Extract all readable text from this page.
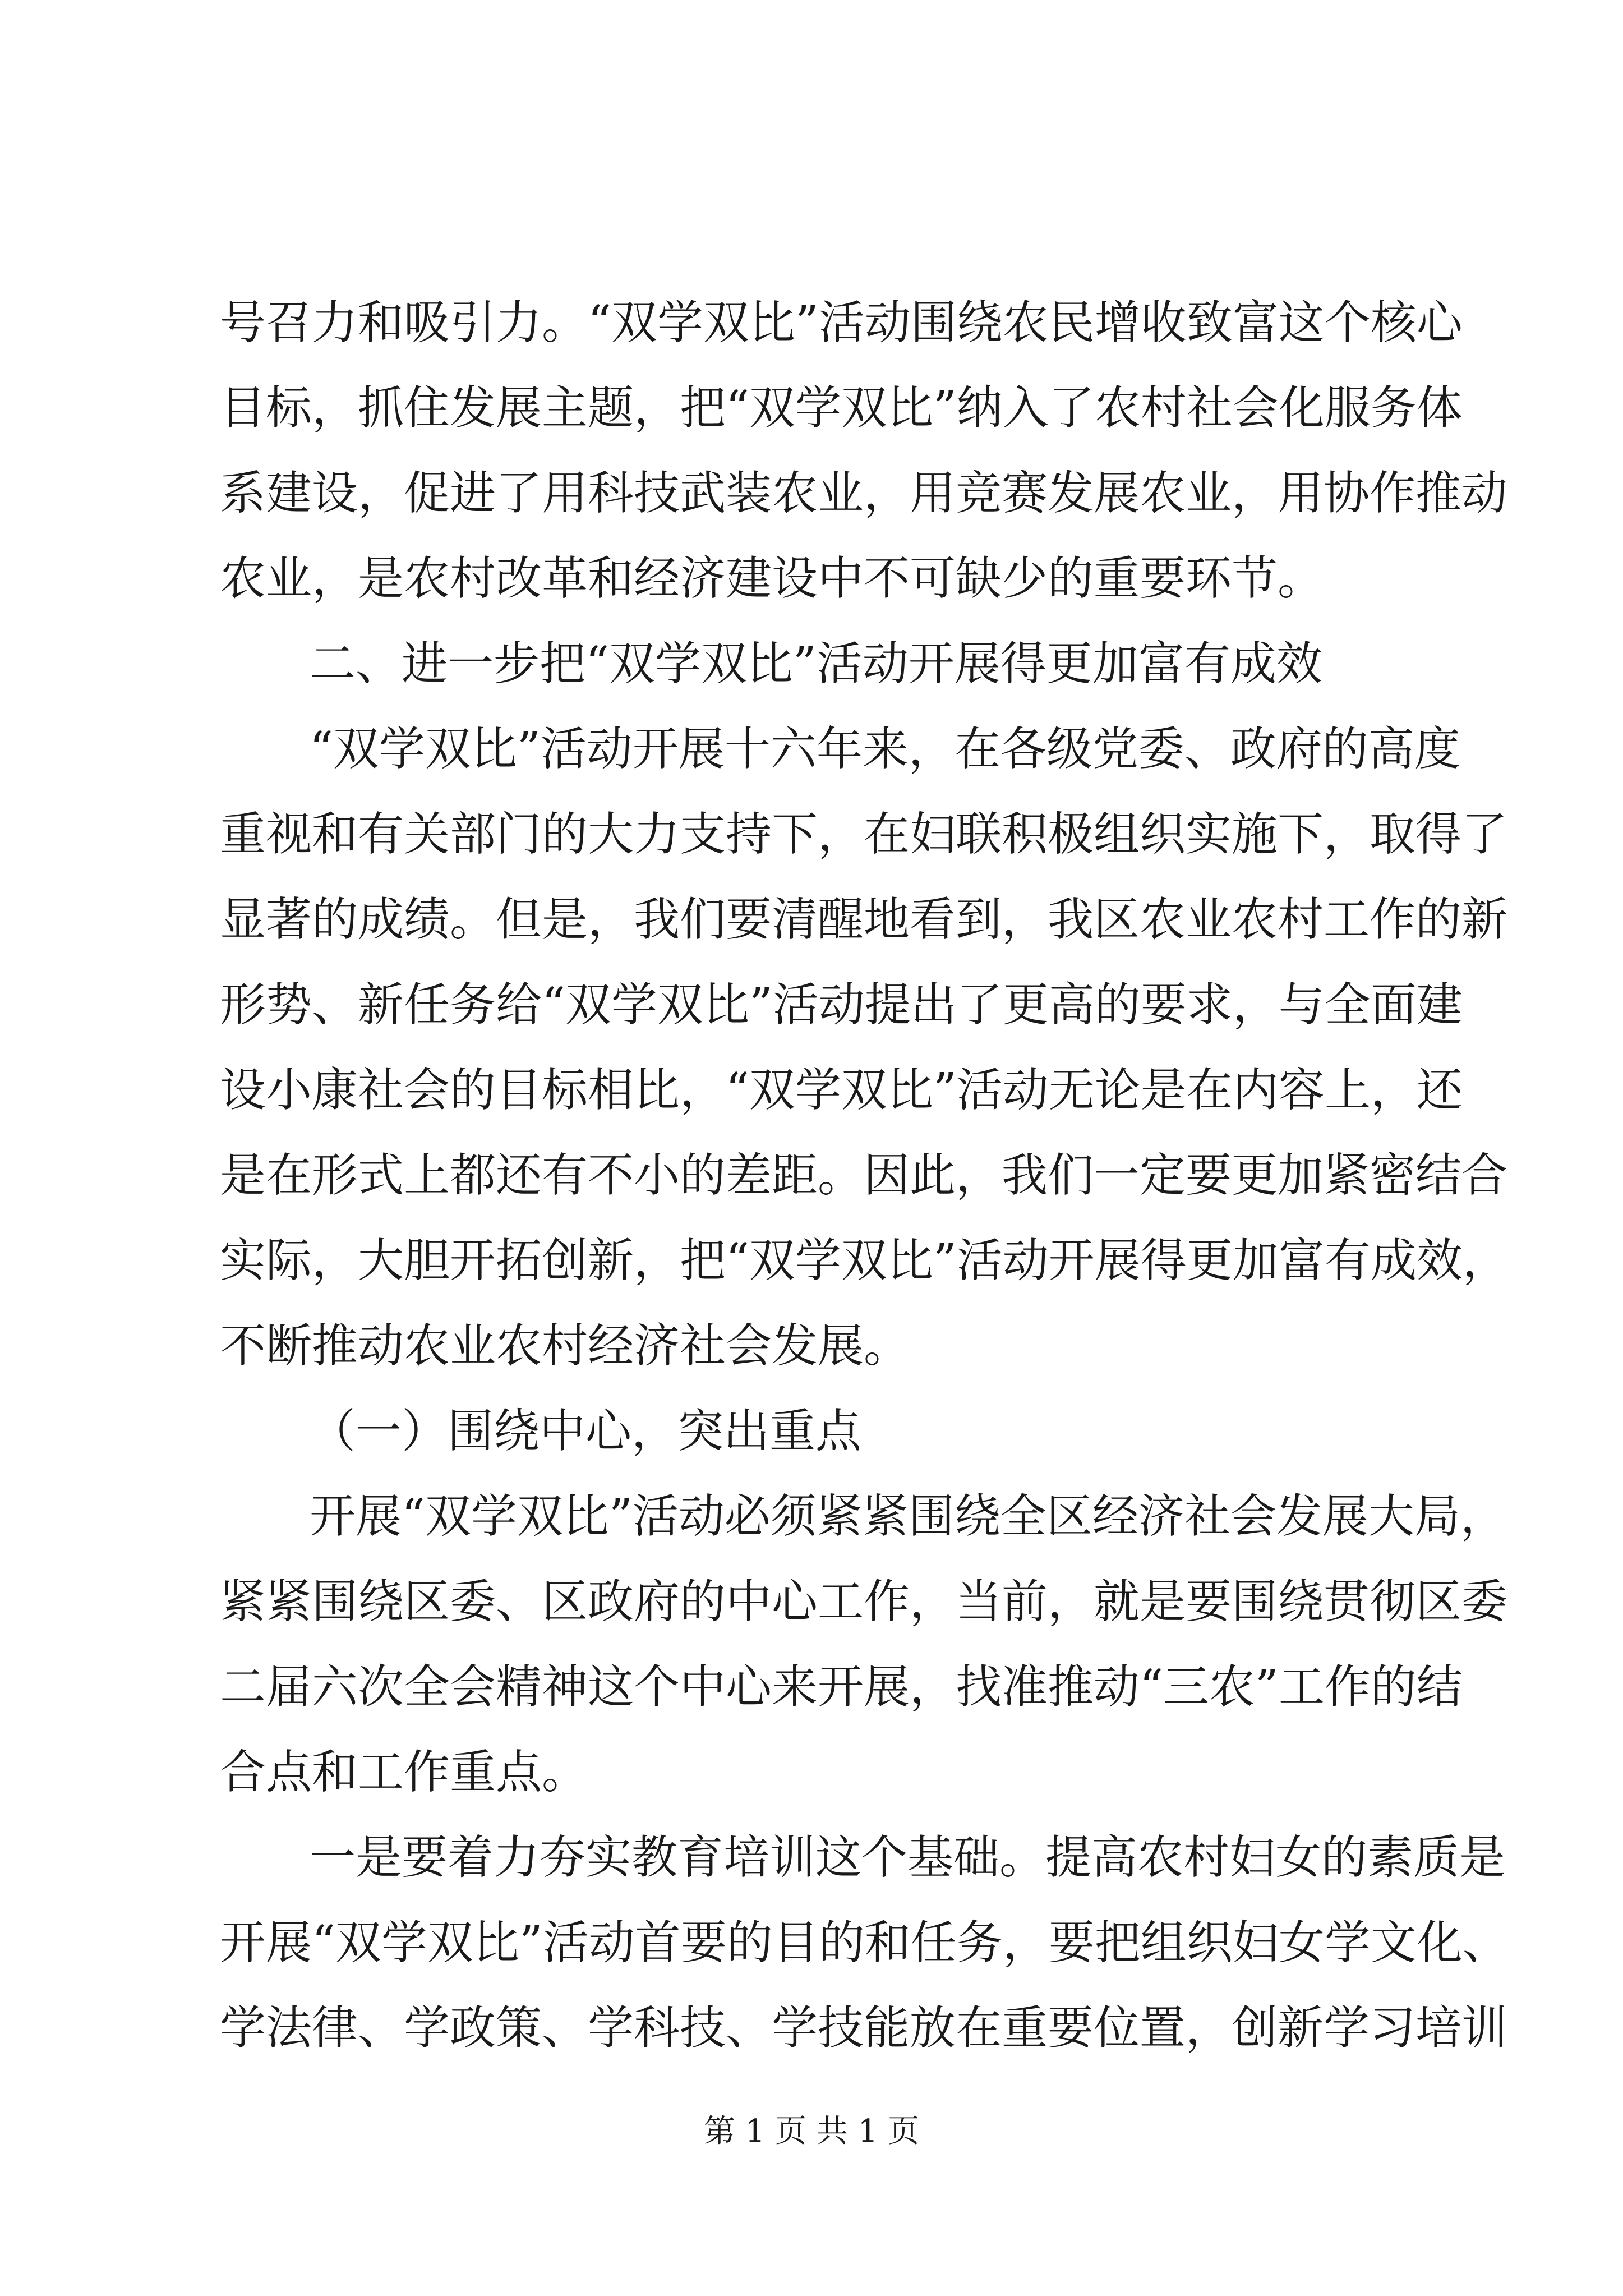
号召力和吸引力。“双学双比”活动围绕农民增收致富这个核心
目标，抓住发展主题，把“双学双比”纳入了农村社会化服务体
系建设，促进了用科技武装农业，用竞赛发展农业，用协作推动
农业，是农村改革和经济建设中不可缺少的重要环节。
二、进一步把“双学双比”活动开展得更加富有成效
“双学双比”活动开展十六年来，在各级党委、政府的高度
重视和有关部门的大力支持下，在妇联积极组织实施下，取得了
显著的成绩。但是，我们要清醒地看到，我区农业农村工作的新
形势、新任务给“双学双比”活动提出了更高的要求，与全面建
设小康社会的目标相比，“双学双比”活动无论是在内容上，还
是在形式上都还有不小的差距。因此，我们一定要更加紧密结合
实际，大胆开拓创新，把“双学双比”活动开展得更加富有成效，
不断推动农业农村经济社会发展。
（一）围绕中心，突出重点
开展“双学双比”活动必须紧紧围绕全区经济社会发展大局，
紧紧围绕区委、区政府的中心工作，当前，就是要围绕贯彻区委
二届六次全会精神这个中心来开展，找准推动“三农”工作的结
合点和工作重点。
一是要着力夯实教育培训这个基础。提高农村妇女的素质是
开展“双学双比”活动首要的目的和任务，要把组织妇女学文化、
学法律、学政策、学科技、学技能放在重要位置，创新学习培训
第 1 页 共 1 页
